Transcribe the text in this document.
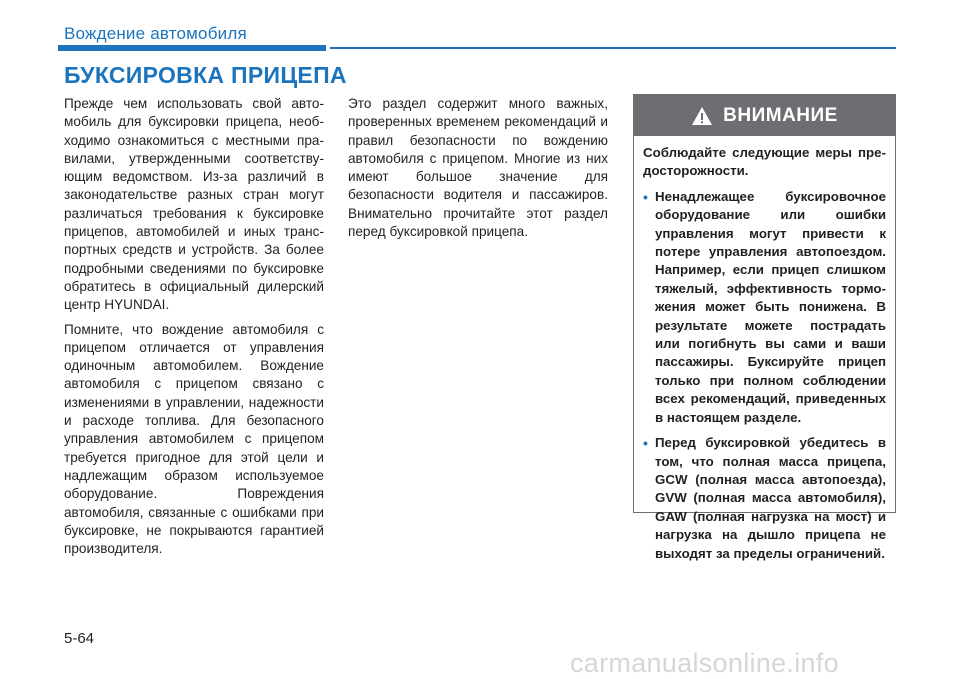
Вождение автомобиля
БУКСИРОВКА ПРИЦЕПА

Прежде чем использовать свой автомобиль для буксировки прицепа, необходимо ознакомиться с местными правилами, утвержденными соответствующим ведомством. Из-за различий в законодательстве разных стран могут различаться требования к буксировке прицепов, автомобилей и иных транспортных средств и устройств. За более подробными сведениями по буксировке обратитесь в официальный дилерский центр HYUNDAI.

Помните, что вождение автомобиля с прицепом отличается от управления одиночным автомобилем. Вождение автомобиля с прицепом связано с изменениями в управлении, надежности и расходе топлива. Для безопасного управления автомобилем с прицепом требуется пригодное для этой цели и надлежащим образом используемое оборудование. Повреждения автомобиля, связанные с ошибками при буксировке, не покрываются гарантией производителя.

Это раздел содержит много важных, проверенных временем рекомендаций и правил безопасности по вождению автомобиля с прицепом. Многие из них имеют большое значение для безопасности водителя и пассажиров. Внимательно прочитайте этот раздел перед буксировкой прицепа.

ВНИМАНИЕ

Соблюдайте следующие меры предосторожности.

• Ненадлежащее буксировочное оборудование или ошибки управления могут привести к потере управления автопоездом. Например, если прицеп слишком тяжелый, эффективность торможения может быть понижена. В результате можете пострадать или погибнуть вы сами и ваши пассажиры. Буксируйте прицеп только при полном соблюдении всех рекомендаций, приведенных в настоящем разделе.
• Перед буксировкой убедитесь в том, что полная масса прицепа, GCW (полная масса автопоезда), GVW (полная масса автомобиля), GAW (полная нагрузка на мост) и нагрузка на дышло прицепа не выходят за пределы ограничений.
5-64
carmanualsonline.info
